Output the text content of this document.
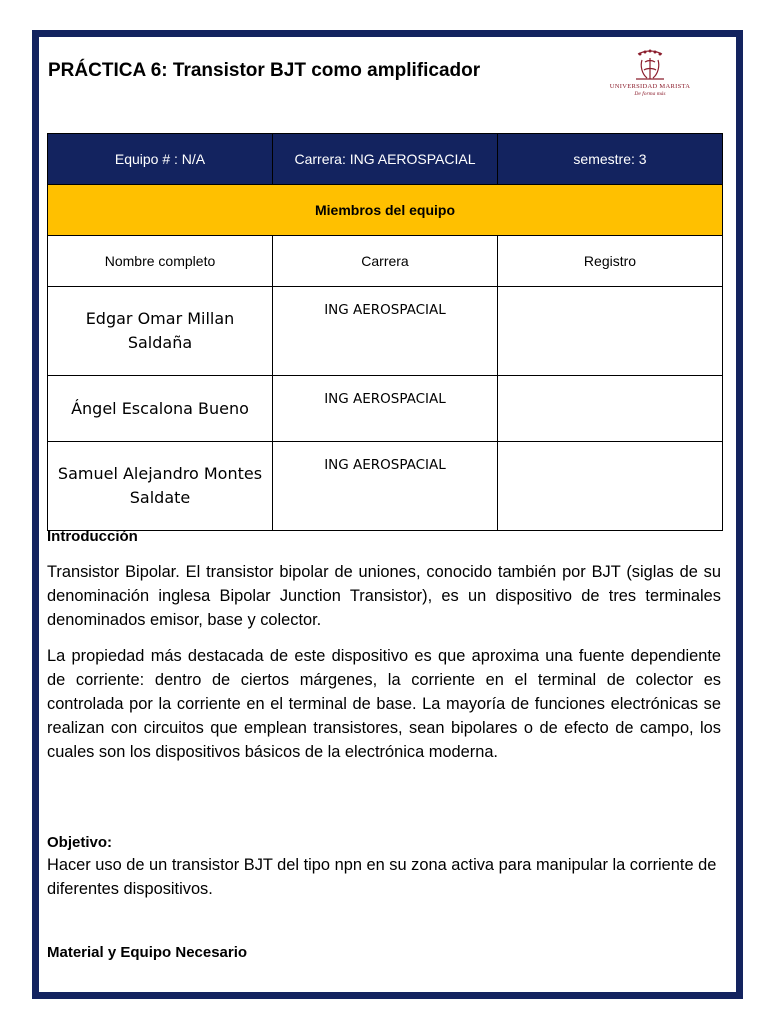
PRÁCTICA 6: Transistor BJT como amplificador
UNIVERSIDAD MARISTA
De forma más
Equipo # : N/A	Carrera: ING AEROSPACIAL	semestre: 3
Miembros del equipo		
Nombre completo	Carrera	Registro
Edgar Omar Millan Saldaña	ING AEROSPACIAL	
Ángel Escalona Bueno	ING AEROSPACIAL	
Samuel Alejandro Montes Saldate	ING AEROSPACIAL	
Introducción

Transistor Bipolar. El transistor bipolar de uniones, conocido también por BJT (siglas de su denominación inglesa Bipolar Junction Transistor), es un dispositivo de tres terminales denominados emisor, base y colector.

La propiedad más destacada de este dispositivo es que aproxima una fuente dependiente de corriente: dentro de ciertos márgenes, la corriente en el terminal de colector es controlada por la corriente en el terminal de base. La mayoría de funciones electrónicas se realizan con circuitos que emplean transistores, sean bipolares o de efecto de campo, los cuales son los dispositivos básicos de la electrónica moderna.

Objetivo:

Hacer uso de un transistor BJT del tipo npn en su zona activa para manipular la corriente de diferentes dispositivos.

Material y Equipo Necesario
